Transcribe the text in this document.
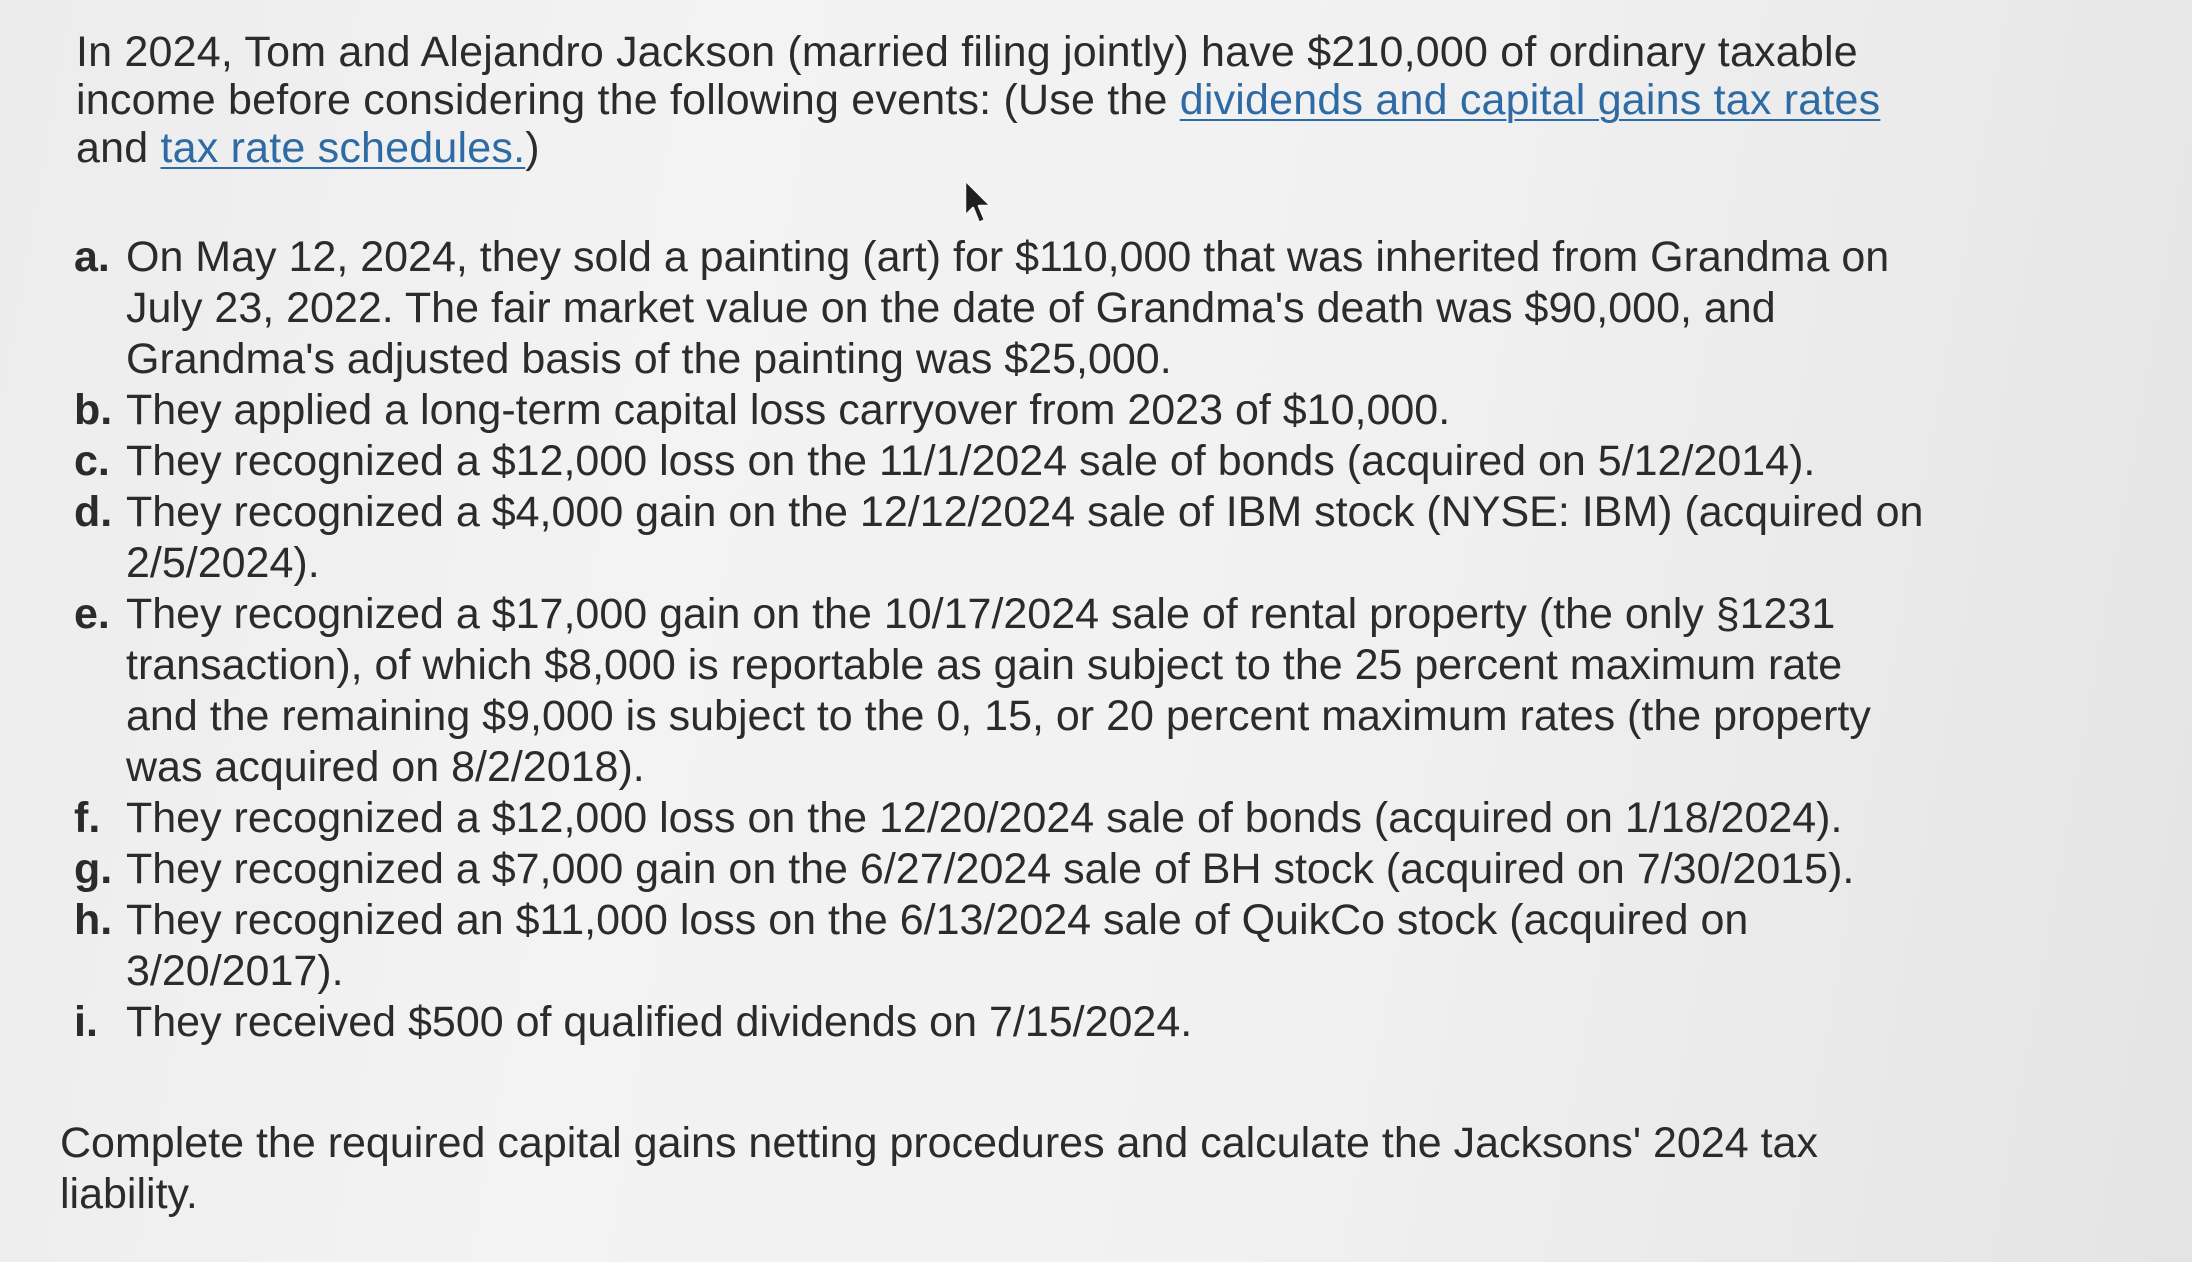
In 2024, Tom and Alejandro Jackson (married filing jointly) have $210,000 of ordinary taxable
income before considering the following events: (Use the dividends and capital gains tax rates
and tax rate schedules.)
a. On May 12, 2024, they sold a painting (art) for $110,000 that was inherited from Grandma on
July 23, 2022. The fair market value on the date of Grandma's death was $90,000, and
Grandma's adjusted basis of the painting was $25,000.
b. They applied a long-term capital loss carryover from 2023 of $10,000.
c. They recognized a $12,000 loss on the 11/1/2024 sale of bonds (acquired on 5/12/2014).
d. They recognized a $4,000 gain on the 12/12/2024 sale of IBM stock (NYSE: IBM) (acquired on
2/5/2024).
e. They recognized a $17,000 gain on the 10/17/2024 sale of rental property (the only §1231
transaction), of which $8,000 is reportable as gain subject to the 25 percent maximum rate
and the remaining $9,000 is subject to the 0, 15, or 20 percent maximum rates (the property
was acquired on 8/2/2018).
f. They recognized a $12,000 loss on the 12/20/2024 sale of bonds (acquired on 1/18/2024).
g. They recognized a $7,000 gain on the 6/27/2024 sale of BH stock (acquired on 7/30/2015).
h. They recognized an $11,000 loss on the 6/13/2024 sale of QuikCo stock (acquired on
3/20/2017).
i. They received $500 of qualified dividends on 7/15/2024.
Complete the required capital gains netting procedures and calculate the Jacksons' 2024 tax
liability.
